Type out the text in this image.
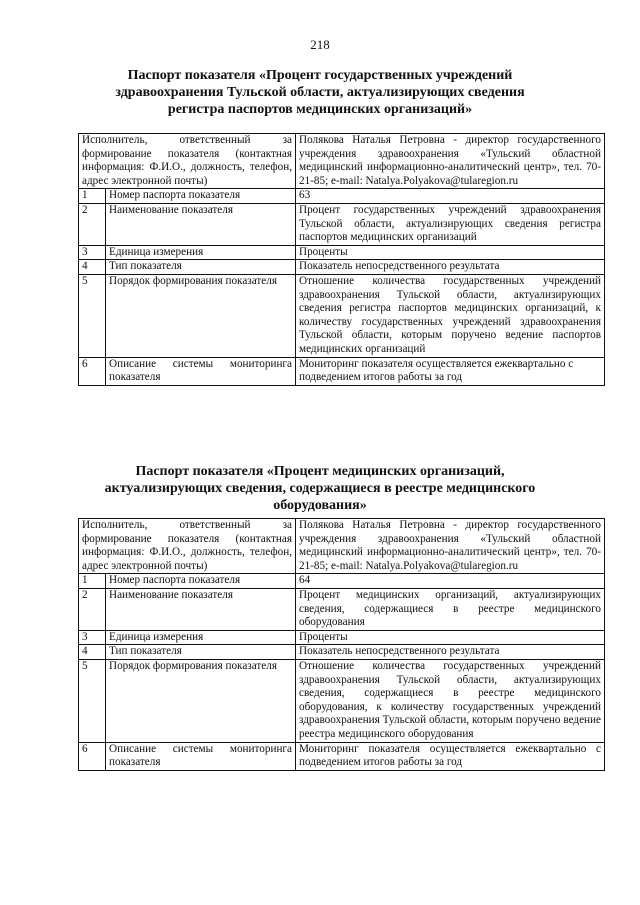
218
Паспорт показателя «Процент государственных учреждений здравоохранения Тульской области, актуализирующих сведения регистра паспортов медицинских организаций»
Исполнитель, ответственный за формирование показателя (контактная информация: Ф.И.О., должность, телефон, адрес электронной почты)		Полякова Наталья Петровна - директор государственного учреждения здравоохранения «Тульский областной медицинский информационно-аналитический центр», тел. 70-21-85; e-mail: Natalya.Polyakova@tularegion.ru
1	Номер паспорта показателя	63
2	Наименование показателя	Процент государственных учреждений здравоохранения Тульской области, актуализирующих сведения регистра паспортов медицинских организаций
3	Единица измерения	Проценты
4	Тип показателя	Показатель непосредственного результата
5	Порядок формирования показателя	Отношение количества государственных учреждений здравоохранения Тульской области, актуализирующих сведения регистра паспортов медицинских организаций, к количеству государственных учреждений здравоохранения Тульской области, которым поручено ведение паспортов медицинских организаций
6	Описание системы мониторинга показателя	Мониторинг показателя осуществляется ежеквартально с подведением итогов работы за год
Паспорт показателя «Процент медицинских организаций, актуализирующих сведения, содержащиеся в реестре медицинского оборудования»
Исполнитель, ответственный за формирование показателя (контактная информация: Ф.И.О., должность, телефон, адрес электронной почты)		Полякова Наталья Петровна - директор государственного учреждения здравоохранения «Тульский областной медицинский информационно-аналитический центр», тел. 70-21-85; e-mail: Natalya.Polyakova@tularegion.ru
1	Номер паспорта показателя	64
2	Наименование показателя	Процент медицинских организаций, актуализирующих сведения, содержащиеся в реестре медицинского оборудования
3	Единица измерения	Проценты
4	Тип показателя	Показатель непосредственного результата
5	Порядок формирования показателя	Отношение количества государственных учреждений здравоохранения Тульской области, актуализирующих сведения, содержащиеся в реестре медицинского оборудования, к количеству государственных учреждений здравоохранения Тульской области, которым поручено ведение реестра медицинского оборудования
6	Описание системы мониторинга показателя	Мониторинг показателя осуществляется ежеквартально с подведением итогов работы за год
